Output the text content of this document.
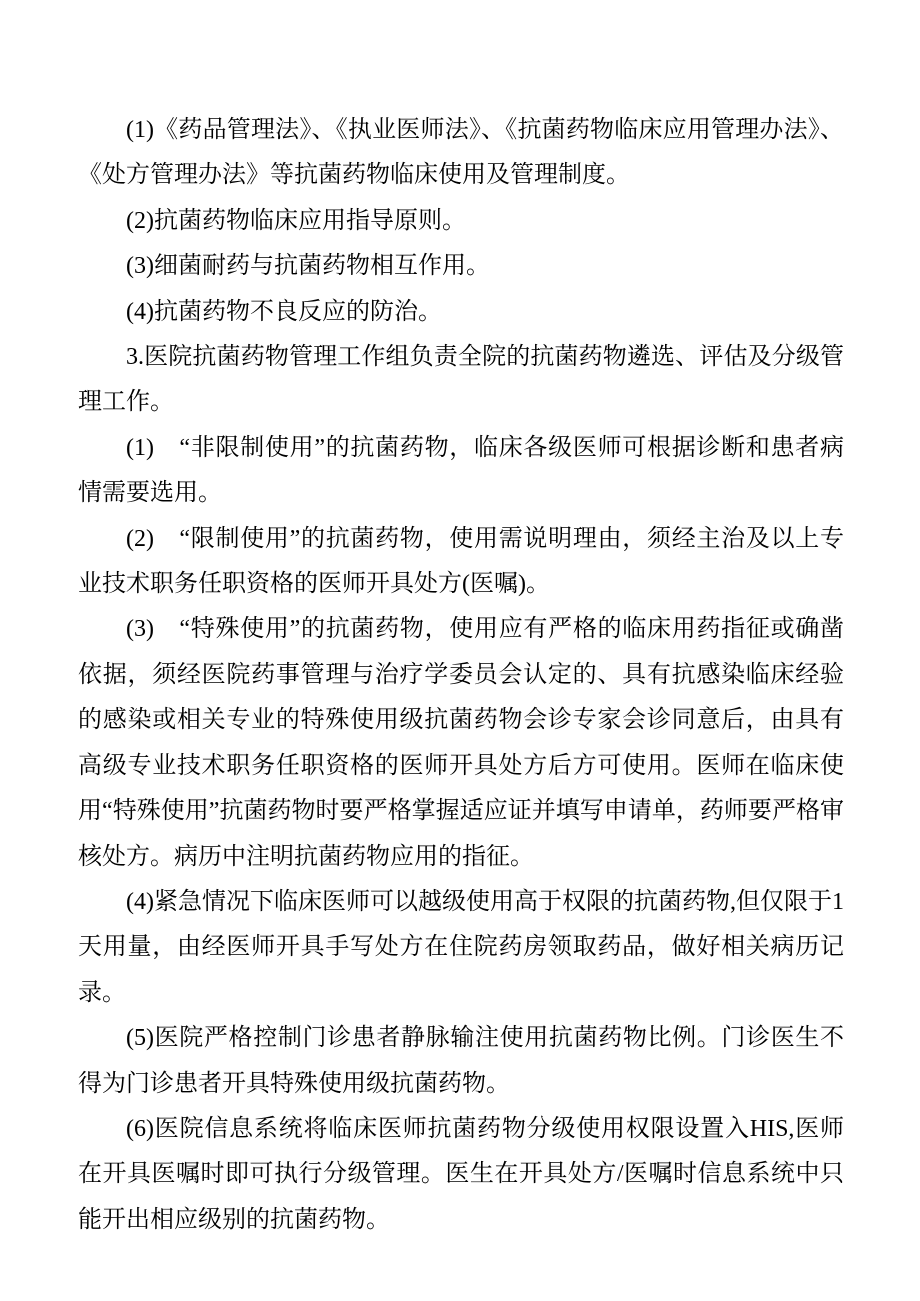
(1)《药品管理法》、《执业医师法》、《抗菌药物临床应用管理办法》、《处方管理办法》等抗菌药物临床使用及管理制度。

(2)抗菌药物临床应用指导原则。

(3)细菌耐药与抗菌药物相互作用。

(4)抗菌药物不良反应的防治。

3.医院抗菌药物管理工作组负责全院的抗菌药物遴选、评估及分级管理工作。

(1)　“非限制使用”的抗菌药物，临床各级医师可根据诊断和患者病情需要选用。

(2)　“限制使用”的抗菌药物，使用需说明理由，须经主治及以上专业技术职务任职资格的医师开具处方(医嘱)。

(3)　“特殊使用”的抗菌药物，使用应有严格的临床用药指征或确凿依据，须经医院药事管理与治疗学委员会认定的、具有抗感染临床经验的感染或相关专业的特殊使用级抗菌药物会诊专家会诊同意后，由具有高级专业技术职务任职资格的医师开具处方后方可使用。医师在临床使用“特殊使用”抗菌药物时要严格掌握适应证并填写申请单，药师要严格审核处方。病历中注明抗菌药物应用的指征。

(4)紧急情况下临床医师可以越级使用高于权限的抗菌药物,但仅限于1天用量，由经医师开具手写处方在住院药房领取药品，做好相关病历记录。

(5)医院严格控制门诊患者静脉输注使用抗菌药物比例。门诊医生不得为门诊患者开具特殊使用级抗菌药物。

(6)医院信息系统将临床医师抗菌药物分级使用权限设置入HIS,医师在开具医嘱时即可执行分级管理。医生在开具处方/医嘱时信息系统中只能开出相应级别的抗菌药物。
